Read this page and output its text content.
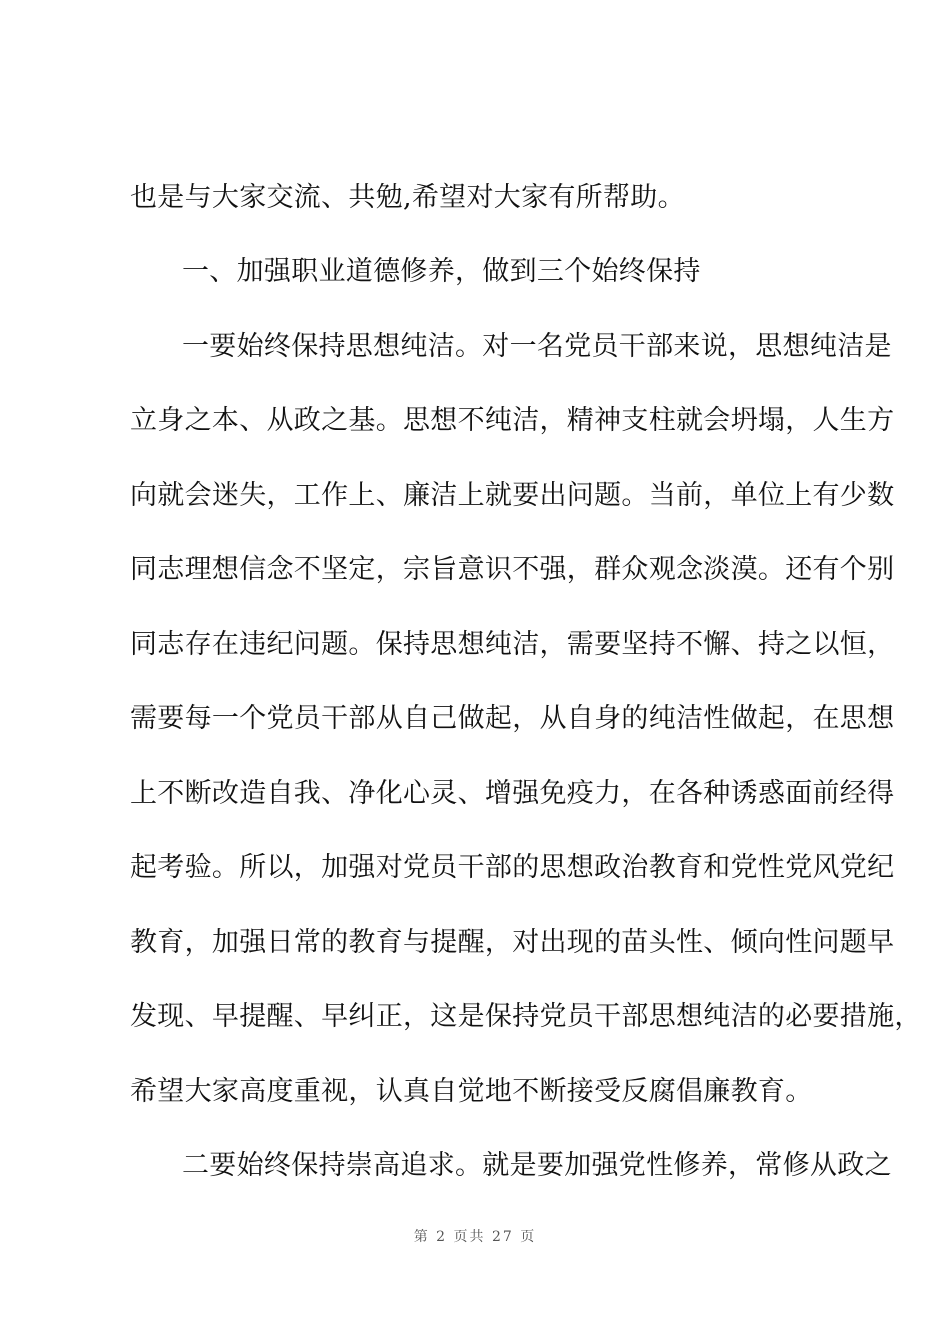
也是与大家交流、共勉,希望对大家有所帮助。
一、加强职业道德修养，做到三个始终保持
一要始终保持思想纯洁。对一名党员干部来说，思想纯洁是
立身之本、从政之基。思想不纯洁，精神支柱就会坍塌，人生方
向就会迷失，工作上、廉洁上就要出问题。当前，单位上有少数
同志理想信念不坚定，宗旨意识不强，群众观念淡漠。还有个别
同志存在违纪问题。保持思想纯洁，需要坚持不懈、持之以恒，
需要每一个党员干部从自己做起，从自身的纯洁性做起，在思想
上不断改造自我、净化心灵、增强免疫力，在各种诱惑面前经得
起考验。所以，加强对党员干部的思想政治教育和党性党风党纪
教育，加强日常的教育与提醒，对出现的苗头性、倾向性问题早
发现、早提醒、早纠正，这是保持党员干部思想纯洁的必要措施，
希望大家高度重视，认真自觉地不断接受反腐倡廉教育。
二要始终保持崇高追求。就是要加强党性修养，常修从政之
第 2 页共 27 页
